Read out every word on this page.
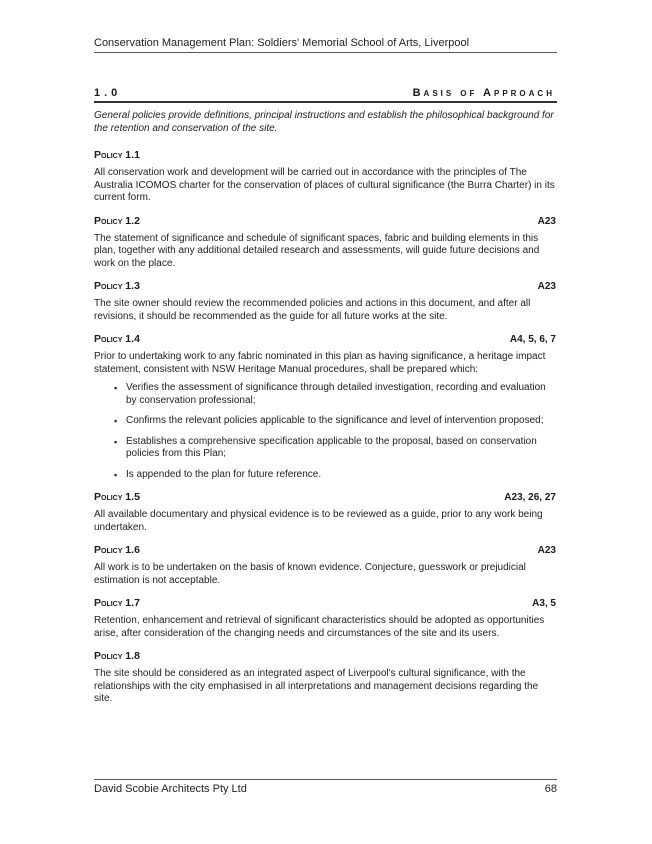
Conservation Management Plan: Soldiers' Memorial School of Arts, Liverpool
1.0	Basis of Approach
General policies provide definitions, principal instructions and establish the philosophical background for the retention and conservation of the site.
Policy 1.1
All conservation work and development will be carried out in accordance with the principles of The Australia ICOMOS charter for the conservation of places of cultural significance (the Burra Charter) in its current form.
Policy 1.2	A23
The statement of significance and schedule of significant spaces, fabric and building elements in this plan, together with any additional detailed research and assessments, will guide future decisions and work on the place.
Policy 1.3	A23
The site owner should review the recommended policies and actions in this document, and after all revisions, it should be recommended as the guide for all future works at the site.
Policy 1.4	A4, 5, 6, 7
Prior to undertaking work to any fabric nominated in this plan as having significance, a heritage impact statement, consistent with NSW Heritage Manual procedures, shall be prepared which:
▪ Verifies the assessment of significance through detailed investigation, recording and evaluation by conservation professional;
▪ Confirms the relevant policies applicable to the significance and level of intervention proposed;
▪ Establishes a comprehensive specification applicable to the proposal, based on conservation policies from this Plan;
▪ Is appended to the plan for future reference.
Policy 1.5	A23, 26, 27
All available documentary and physical evidence is to be reviewed as a guide, prior to any work being undertaken.
Policy 1.6	A23
All work is to be undertaken on the basis of known evidence. Conjecture, guesswork or prejudicial estimation is not acceptable.
Policy 1.7	A3, 5
Retention, enhancement and retrieval of significant characteristics should be adopted as opportunities arise, after consideration of the changing needs and circumstances of the site and its users.
Policy 1.8
The site should be considered as an integrated aspect of Liverpool's cultural significance, with the relationships with the city emphasised in all interpretations and management decisions regarding the site.
David Scobie Architects Pty Ltd	68
